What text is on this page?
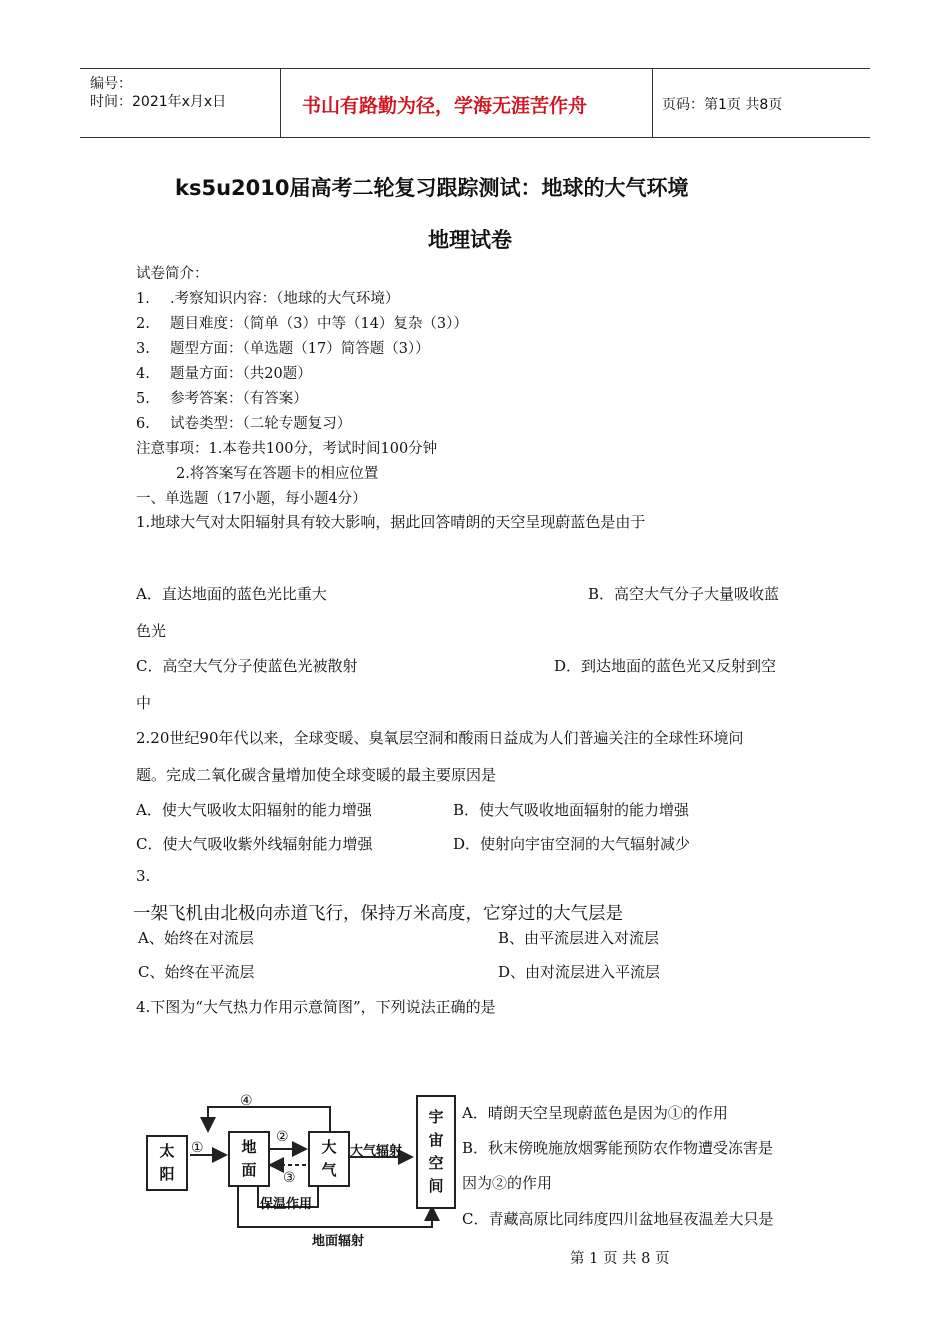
编号：
时间：2021年x月x日	书山有路勤为径，学海无涯苦作舟	页码：第1页 共8页
ks5u2010届高考二轮复习跟踪测试：地球的大气环境
地理试卷
试卷简介：
1. .考察知识内容：（地球的大气环境）
2. 题目难度：（简单（3）中等（14）复杂（3））
3. 题型方面：（单选题（17）简答题（3））
4. 题量方面：（共20题）
5. 参考答案：（有答案）
6. 试卷类型：（二轮专题复习）
注意事项：1.本卷共100分，考试时间100分钟
2.将答案写在答题卡的相应位置
一、单选题（17小题，每小题4分）
1.地球大气对太阳辐射具有较大影响，据此回答晴朗的天空呈现蔚蓝色是由于
A．直达地面的蓝色光比重大	B．高空大气分子大量吸收蓝
色光
C．高空大气分子使蓝色光被散射	D．到达地面的蓝色光又反射到空
中
2.20世纪90年代以来，全球变暖、臭氧层空洞和酸雨日益成为人们普遍关注的全球性环境问
题。完成二氧化碳含量增加使全球变暖的最主要原因是
A．使大气吸收太阳辐射的能力增强	B．使大气吸收地面辐射的能力增强
C．使大气吸收紫外线辐射能力增强	D．使射向宇宙空洞的大气辐射减少
3.
一架飞机由北极向赤道飞行，保持万米高度，它穿过的大气层是
A、始终在对流层	B、由平流层进入对流层
C、始终在平流层	D、由对流层进入平流层
4.下图为“大气热力作用示意简图”，下列说法正确的是
太
阳
地
面
大
气
宇
宙
空
间
④
①
②
③
大气辐射
保温作用
地面辐射
A．晴朗天空呈现蔚蓝色是因为①的作用
B．秋末傍晚施放烟雾能预防农作物遭受冻害是
因为②的作用
C．青藏高原比同纬度四川盆地昼夜温差大只是
第 1 页 共 8 页
